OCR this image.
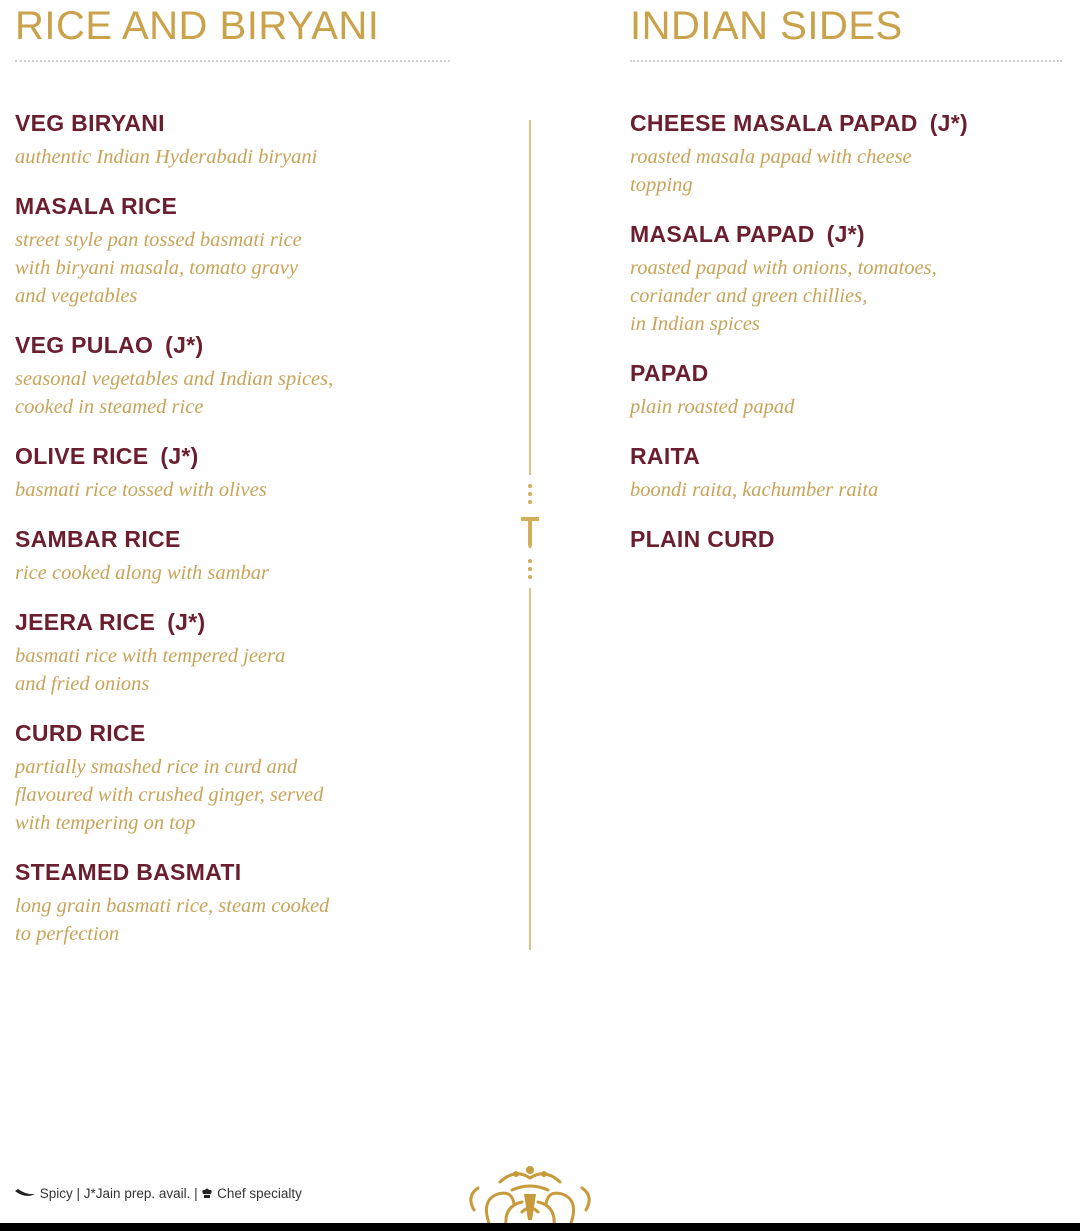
RICE AND BIRYANI
VEG BIRYANI
authentic Indian Hyderabadi biryani
MASALA RICE
street style pan tossed basmati rice
with biryani masala, tomato gravy
and vegetables
VEG PULAO (J*)
seasonal vegetables and Indian spices,
cooked in steamed rice
OLIVE RICE (J*)
basmati rice tossed with olives
SAMBAR RICE
rice cooked along with sambar
JEERA RICE (J*)
basmati rice with tempered jeera
and fried onions
CURD RICE
partially smashed rice in curd and
flavoured with crushed ginger, served
with tempering on top
STEAMED BASMATI
long grain basmati rice, steam cooked
to perfection
INDIAN SIDES
CHEESE MASALA PAPAD (J*)
roasted masala papad with cheese
topping
MASALA PAPAD (J*)
roasted papad with onions, tomatoes,
coriander and green chillies,
in Indian spices
PAPAD
plain roasted papad
RAITA
boondi raita, kachumber raita
PLAIN CURD
Spicy | J*Jain prep. avail. |  Chef specialty
